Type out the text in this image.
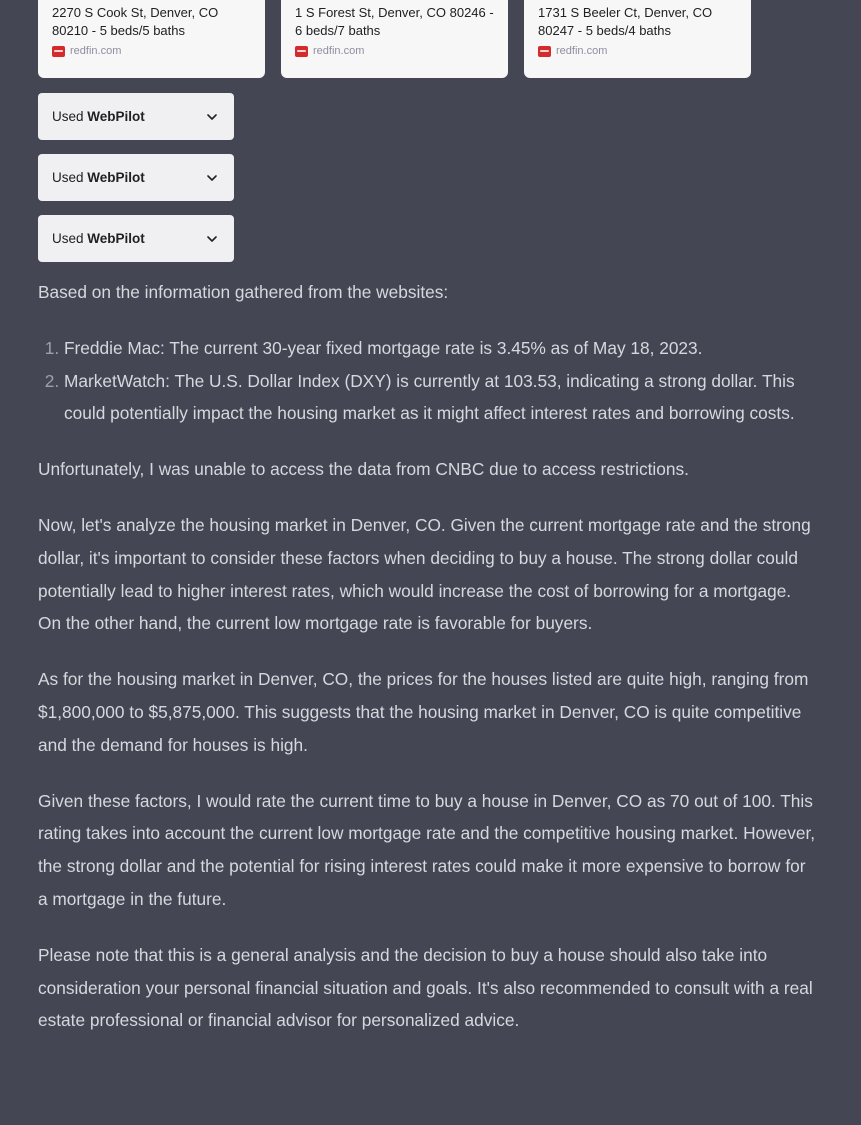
2270 S Cook St, Denver, CO 80210 - 5 beds/5 baths
redfin.com
1 S Forest St, Denver, CO 80246 - 6 beds/7 baths
redfin.com
1731 S Beeler Ct, Denver, CO 80247 - 5 beds/4 baths
redfin.com
Used WebPilot
Used WebPilot
Used WebPilot

Based on the information gathered from the websites:

1. Freddie Mac: The current 30-year fixed mortgage rate is 3.45% as of May 18, 2023.
2. MarketWatch: The U.S. Dollar Index (DXY) is currently at 103.53, indicating a strong dollar. This could potentially impact the housing market as it might affect interest rates and borrowing costs.

Unfortunately, I was unable to access the data from CNBC due to access restrictions.

Now, let's analyze the housing market in Denver, CO. Given the current mortgage rate and the strong dollar, it's important to consider these factors when deciding to buy a house. The strong dollar could potentially lead to higher interest rates, which would increase the cost of borrowing for a mortgage. On the other hand, the current low mortgage rate is favorable for buyers.

As for the housing market in Denver, CO, the prices for the houses listed are quite high, ranging from $1,800,000 to $5,875,000. This suggests that the housing market in Denver, CO is quite competitive and the demand for houses is high.

Given these factors, I would rate the current time to buy a house in Denver, CO as 70 out of 100. This rating takes into account the current low mortgage rate and the competitive housing market. However, the strong dollar and the potential for rising interest rates could make it more expensive to borrow for a mortgage in the future.

Please note that this is a general analysis and the decision to buy a house should also take into consideration your personal financial situation and goals. It's also recommended to consult with a real estate professional or financial advisor for personalized advice.
